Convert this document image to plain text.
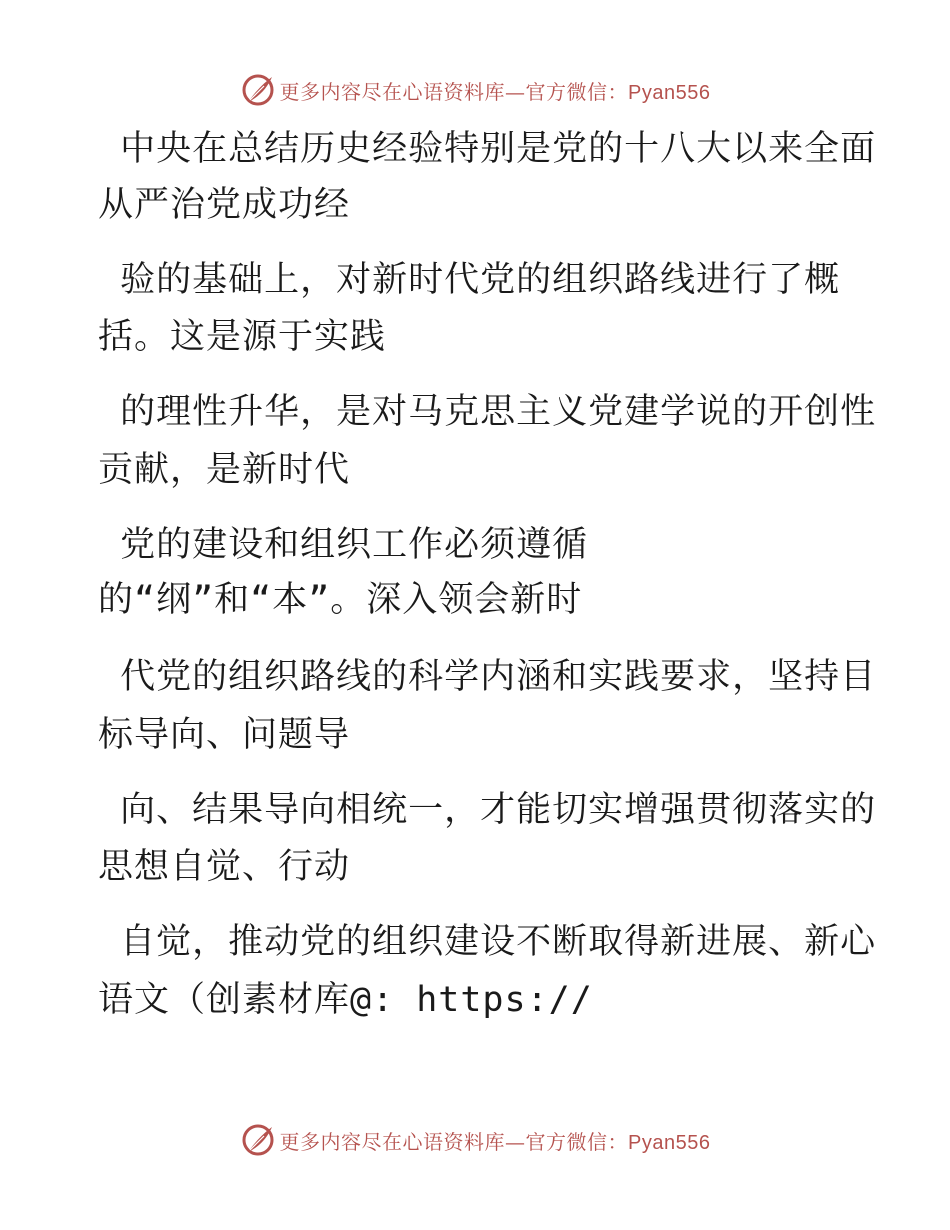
更多内容尽在心语资料库—官方微信：Pyan556
中央在总结历史经验特别是党的十八大以来全面
从严治党成功经
验的基础上，对新时代党的组织路线进行了概
括。这是源于实践
的理性升华，是对马克思主义党建学说的开创性
贡献，是新时代
党的建设和组织工作必须遵循
的“纲”和“本”。深入领会新时
代党的组织路线的科学内涵和实践要求，坚持目
标导向、问题导
向、结果导向相统一，才能切实增强贯彻落实的
思想自觉、行动
自觉，推动党的组织建设不断取得新进展、新心
语文（创素材库@: https://
更多内容尽在心语资料库—官方微信：Pyan556
